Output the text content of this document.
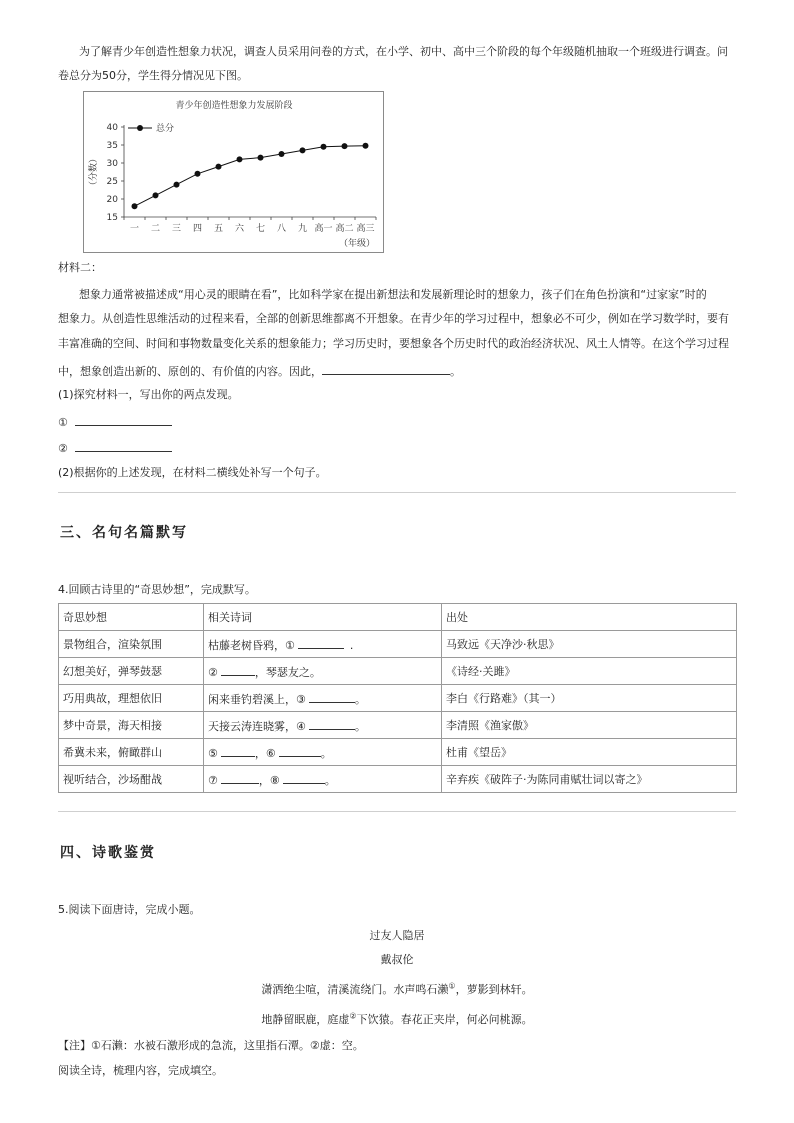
为了解青少年创造性想象力状况，调查人员采用问卷的方式，在小学、初中、高中三个阶段的每个年级随机抽取一个班级进行调查。问
卷总分为50分，学生得分情况见下图。
青少年创造性想象力发展阶段
15
20
25
30
35
40
一 二 三 四 五 六 七 八 九 高一 高二 高三
（分数）
（年级）
总分
材料二：
想象力通常被描述成“用心灵的眼睛在看”，比如科学家在提出新想法和发展新理论时的想象力，孩子们在角色扮演和“过家家”时的
想象力。从创造性思维活动的过程来看，全部的创新思维都离不开想象。在青少年的学习过程中，想象必不可少，例如在学习数学时，要有
丰富准确的空间、时间和事物数量变化关系的想象能力；学习历史时，要想象各个历史时代的政治经济状况、风土人情等。在这个学习过程
中，想象创造出新的、原创的、有价值的内容。因此，	。
(1)探究材料一，写出你的两点发现。
①
②
(2)根据你的上述发现，在材料二横线处补写一个句子。
三、名句名篇默写
4.回顾古诗里的“奇思妙想”，完成默写。
奇思妙想	相关诗词	出处
景物组合，渲染氛围	枯藤老树昏鸦，① .	马致远《天净沙·秋思》
幻想美好，弹琴鼓瑟	② ，琴瑟友之。	《诗经·关雎》
巧用典故，理想依旧	闲来垂钓碧溪上，③ 。	李白《行路难》（其一）
梦中奇景，海天相接	天接云涛连晓雾，④ 。	李清照《渔家傲》
希冀未来，俯瞰群山	⑤ ，⑥ 。	杜甫《望岳》
视听结合，沙场酣战	⑦ ，⑧ 。	辛弃疾《破阵子·为陈同甫赋壮词以寄之》
四、诗歌鉴赏
5.阅读下面唐诗，完成小题。
过友人隐居
戴叔伦
潇洒绝尘喧，清溪流绕门。水声鸣石濑①，萝影到林轩。
地静留眠鹿，庭虚②下饮猿。春花正夹岸，何必问桃源。
【注】①石濑：水被石激形成的急流，这里指石潭。②虚：空。
阅读全诗，梳理内容，完成填空。
